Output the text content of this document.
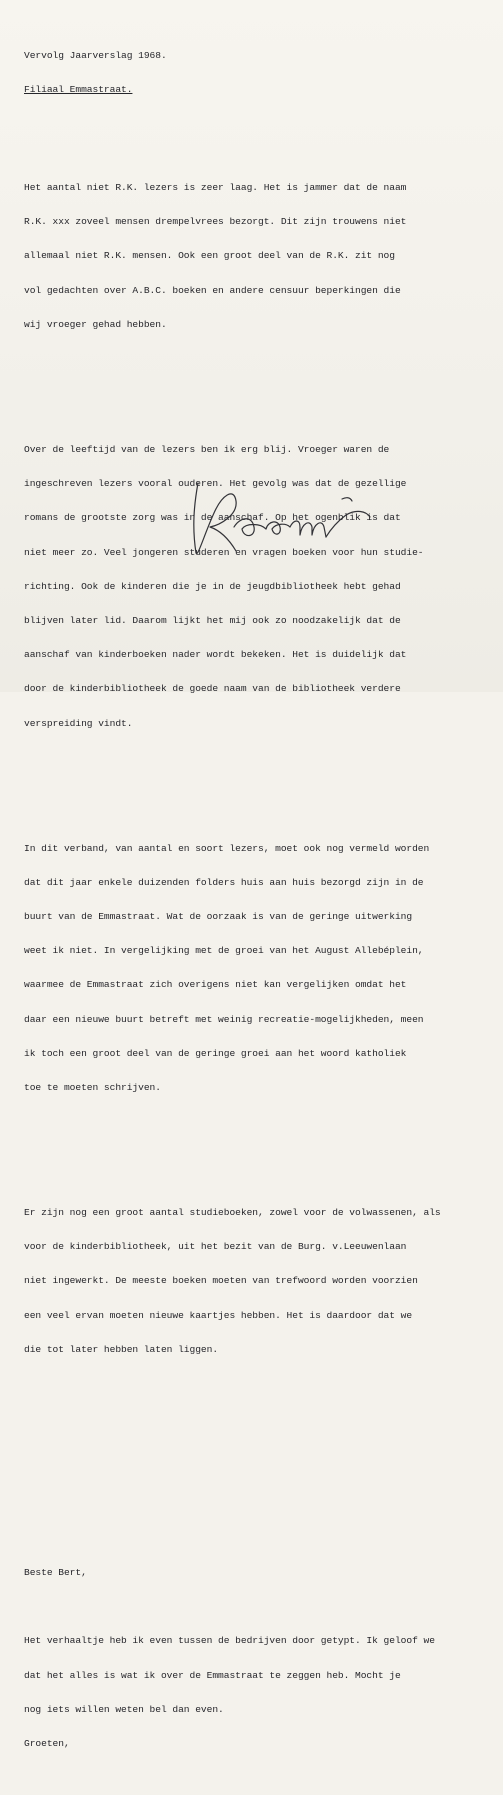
Vervolg Jaarverslag 1968.

Filiaal Emmastraat.

Het aantal niet R.K. lezers is zeer laag. Het is jammer dat de naam

R.K. xxx zoveel mensen drempelvrees bezorgt. Dit zijn trouwens niet

allemaal niet R.K. mensen. Ook een groot deel van de R.K. zit nog

vol gedachten over A.B.C. boeken en andere censuur beperkingen die

wij vroeger gehad hebben.

Over de leeftijd van de lezers ben ik erg blij. Vroeger waren de

ingeschreven lezers vooral ouderen. Het gevolg was dat de gezellige

romans de grootste zorg was in de aanschaf. Op het ogenblik is dat

niet meer zo. Veel jongeren studeren en vragen boeken voor hun studie-

richting. Ook de kinderen die je in de jeugdbibliotheek hebt gehad

blijven later lid. Daarom lijkt het mij ook zo noodzakelijk dat de

aanschaf van kinderboeken nader wordt bekeken. Het is duidelijk dat

door de kinderbibliotheek de goede naam van de bibliotheek verdere

verspreiding vindt.

In dit verband, van aantal en soort lezers, moet ook nog vermeld worden

dat dit jaar enkele duizenden folders huis aan huis bezorgd zijn in de

buurt van de Emmastraat. Wat de oorzaak is van de geringe uitwerking

weet ik niet. In vergelijking met de groei van het August Allebéplein,

waarmee de Emmastraat zich overigens niet kan vergelijken omdat het

daar een nieuwe buurt betreft met weinig recreatie-mogelijkheden, meen

ik toch een groot deel van de geringe groei aan het woord katholiek

toe te moeten schrijven.

Er zijn nog een groot aantal studieboeken, zowel voor de volwassenen, als

voor de kinderbibliotheek, uit het bezit van de Burg. v.Leeuwenlaan

niet ingewerkt. De meeste boeken moeten van trefwoord worden voorzien

een veel ervan moeten nieuwe kaartjes hebben. Het is daardoor dat we

die tot later hebben laten liggen.

Beste Bert,

Het verhaaltje heb ik even tussen de bedrijven door getypt. Ik geloof we

dat het alles is wat ik over de Emmastraat te zeggen heb. Mocht je

nog iets willen weten bel dan even.

Groeten,
